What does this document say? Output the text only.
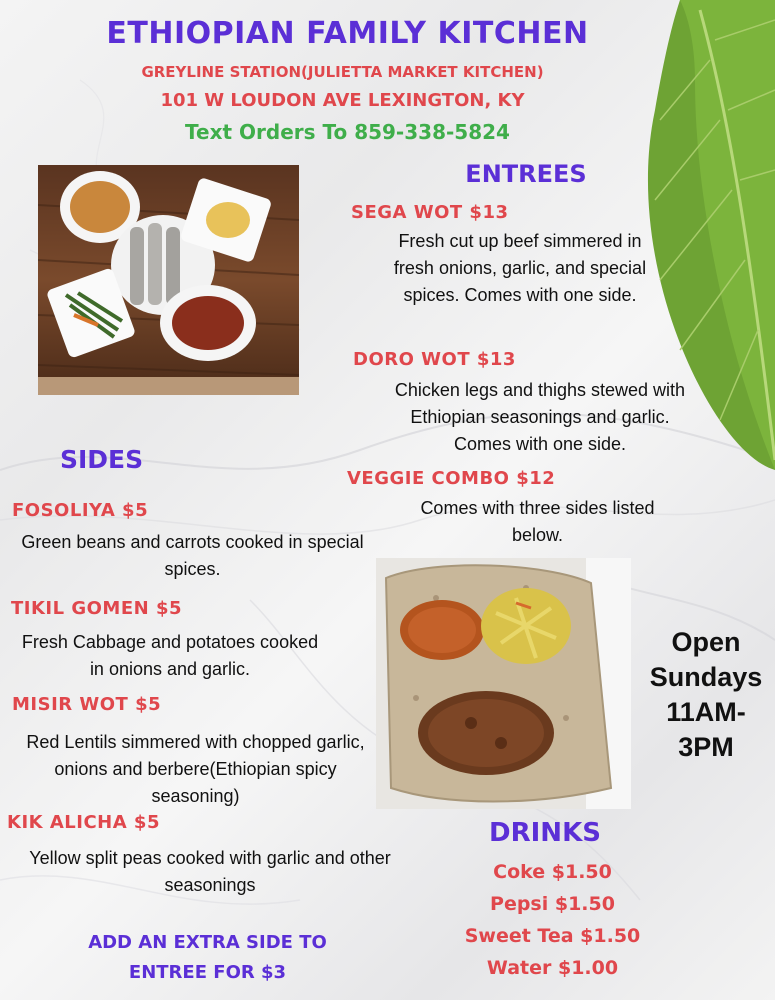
ETHIOPIAN FAMILY KITCHEN
GREYLINE STATION(JULIETTA MARKET KITCHEN)
101 W LOUDON AVE LEXINGTON, KY
Text Orders To 859-338-5824
ENTREES
SEGA WOT $13
Fresh cut up beef simmered in fresh onions, garlic, and special spices. Comes with one side.
DORO WOT $13
Chicken legs and thighs stewed with Ethiopian seasonings and garlic. Comes with one side.
VEGGIE COMBO $12
Comes with three sides listed below.
SIDES
FOSOLIYA $5
Green beans and carrots cooked in special spices.
TIKIL GOMEN $5
Fresh Cabbage and potatoes cooked in onions and garlic.
MISIR WOT $5
Red Lentils simmered with chopped garlic, onions and berbere(Ethiopian spicy seasoning)
KIK ALICHA $5
Yellow split peas cooked with garlic and other seasonings
ADD AN EXTRA SIDE TO ENTREE FOR $3
Open
Sundays
11AM-
3PM
DRINKS
Coke $1.50
Pepsi $1.50
Sweet Tea $1.50
Water $1.00
